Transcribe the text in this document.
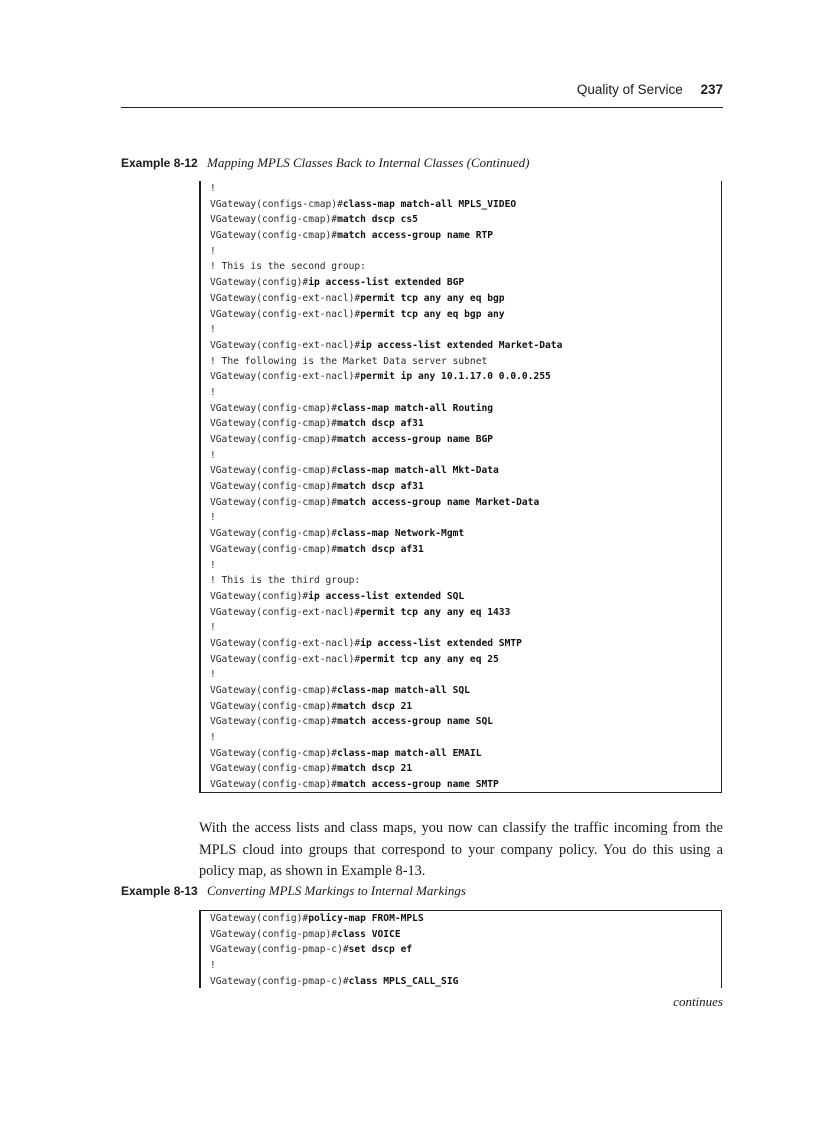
Quality of Service 237
Example 8-12 Mapping MPLS Classes Back to Internal Classes (Continued)
!
VGateway(configs-cmap)#class-map match-all MPLS_VIDEO
VGateway(config-cmap)#match dscp cs5
VGateway(config-cmap)#match access-group name RTP
!
! This is the second group:
VGateway(config)#ip access-list extended BGP
VGateway(config-ext-nacl)#permit tcp any any eq bgp
VGateway(config-ext-nacl)#permit tcp any eq bgp any
!
VGateway(config-ext-nacl)#ip access-list extended Market-Data
! The following is the Market Data server subnet
VGateway(config-ext-nacl)#permit ip any 10.1.17.0 0.0.0.255
!
VGateway(config-cmap)#class-map match-all Routing
VGateway(config-cmap)#match dscp af31
VGateway(config-cmap)#match access-group name BGP
!
VGateway(config-cmap)#class-map match-all Mkt-Data
VGateway(config-cmap)#match dscp af31
VGateway(config-cmap)#match access-group name Market-Data
!
VGateway(config-cmap)#class-map Network-Mgmt
VGateway(config-cmap)#match dscp af31
!
! This is the third group:
VGateway(config)#ip access-list extended SQL
VGateway(config-ext-nacl)#permit tcp any any eq 1433
!
VGateway(config-ext-nacl)#ip access-list extended SMTP
VGateway(config-ext-nacl)#permit tcp any any eq 25
!
VGateway(config-cmap)#class-map match-all SQL
VGateway(config-cmap)#match dscp 21
VGateway(config-cmap)#match access-group name SQL
!
VGateway(config-cmap)#class-map match-all EMAIL
VGateway(config-cmap)#match dscp 21
VGateway(config-cmap)#match access-group name SMTP
With the access lists and class maps, you now can classify the traffic incoming from the MPLS cloud into groups that correspond to your company policy. You do this using a policy map, as shown in Example 8-13.
Example 8-13 Converting MPLS Markings to Internal Markings
VGateway(config)#policy-map FROM-MPLS
VGateway(config-pmap)#class VOICE
VGateway(config-pmap-c)#set dscp ef
!
VGateway(config-pmap-c)#class MPLS_CALL_SIG
continues
